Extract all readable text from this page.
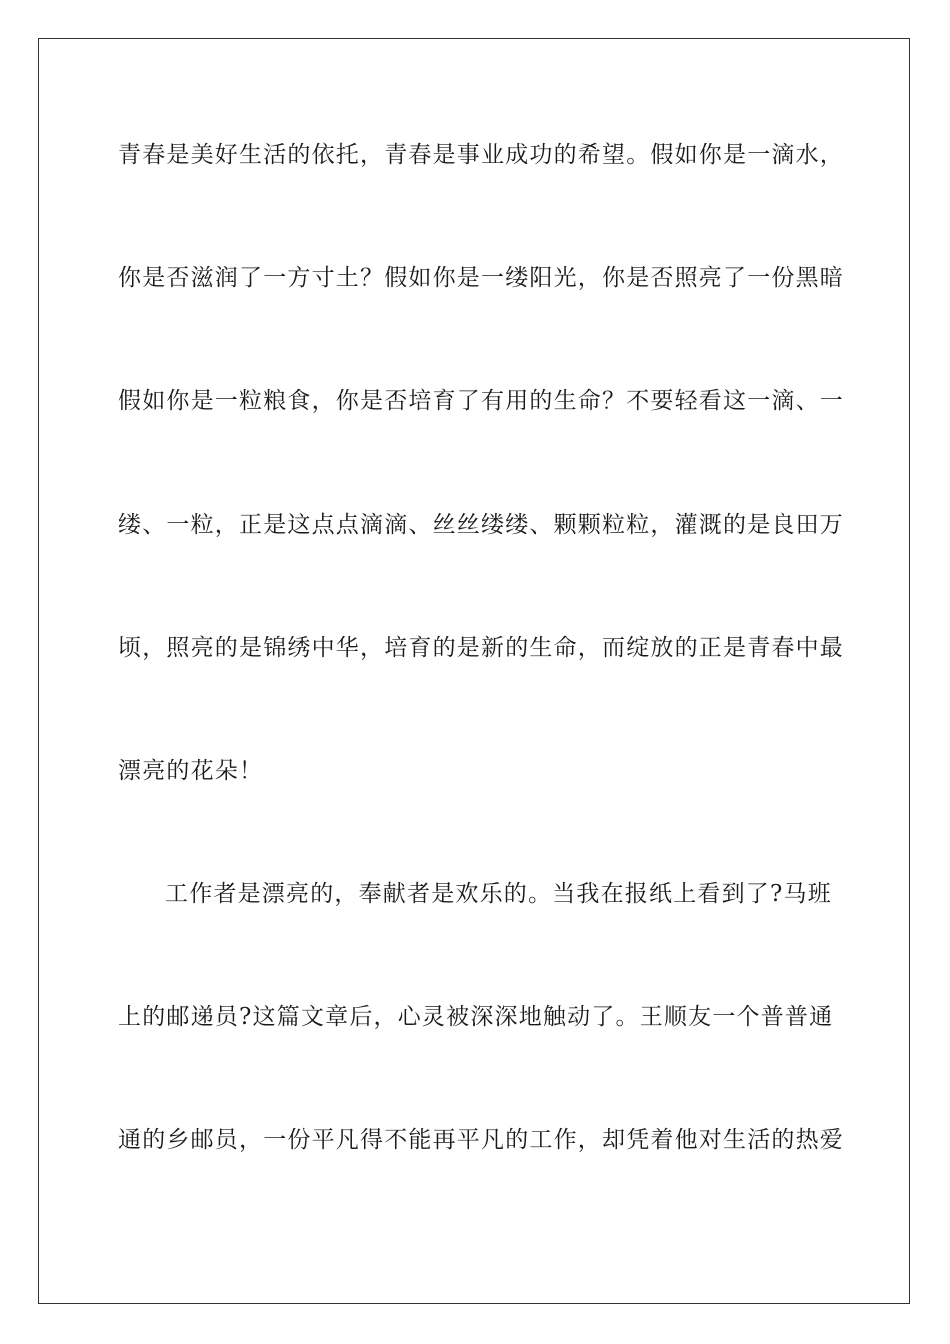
青春是美好生活的依托，青春是事业成功的希望。假如你是一滴水，
你是否滋润了一方寸土？假如你是一缕阳光，你是否照亮了一份黑暗
假如你是一粒粮食，你是否培育了有用的生命？不要轻看这一滴、一
缕、一粒，正是这点点滴滴、丝丝缕缕、颗颗粒粒，灌溉的是良田万
顷，照亮的是锦绣中华，培育的是新的生命，而绽放的正是青春中最
漂亮的花朵！
工作者是漂亮的，奉献者是欢乐的。当我在报纸上看到了?马班
上的邮递员?这篇文章后，心灵被深深地触动了。王顺友一个普普通
通的乡邮员，一份平凡得不能再平凡的工作，却凭着他对生活的热爱
